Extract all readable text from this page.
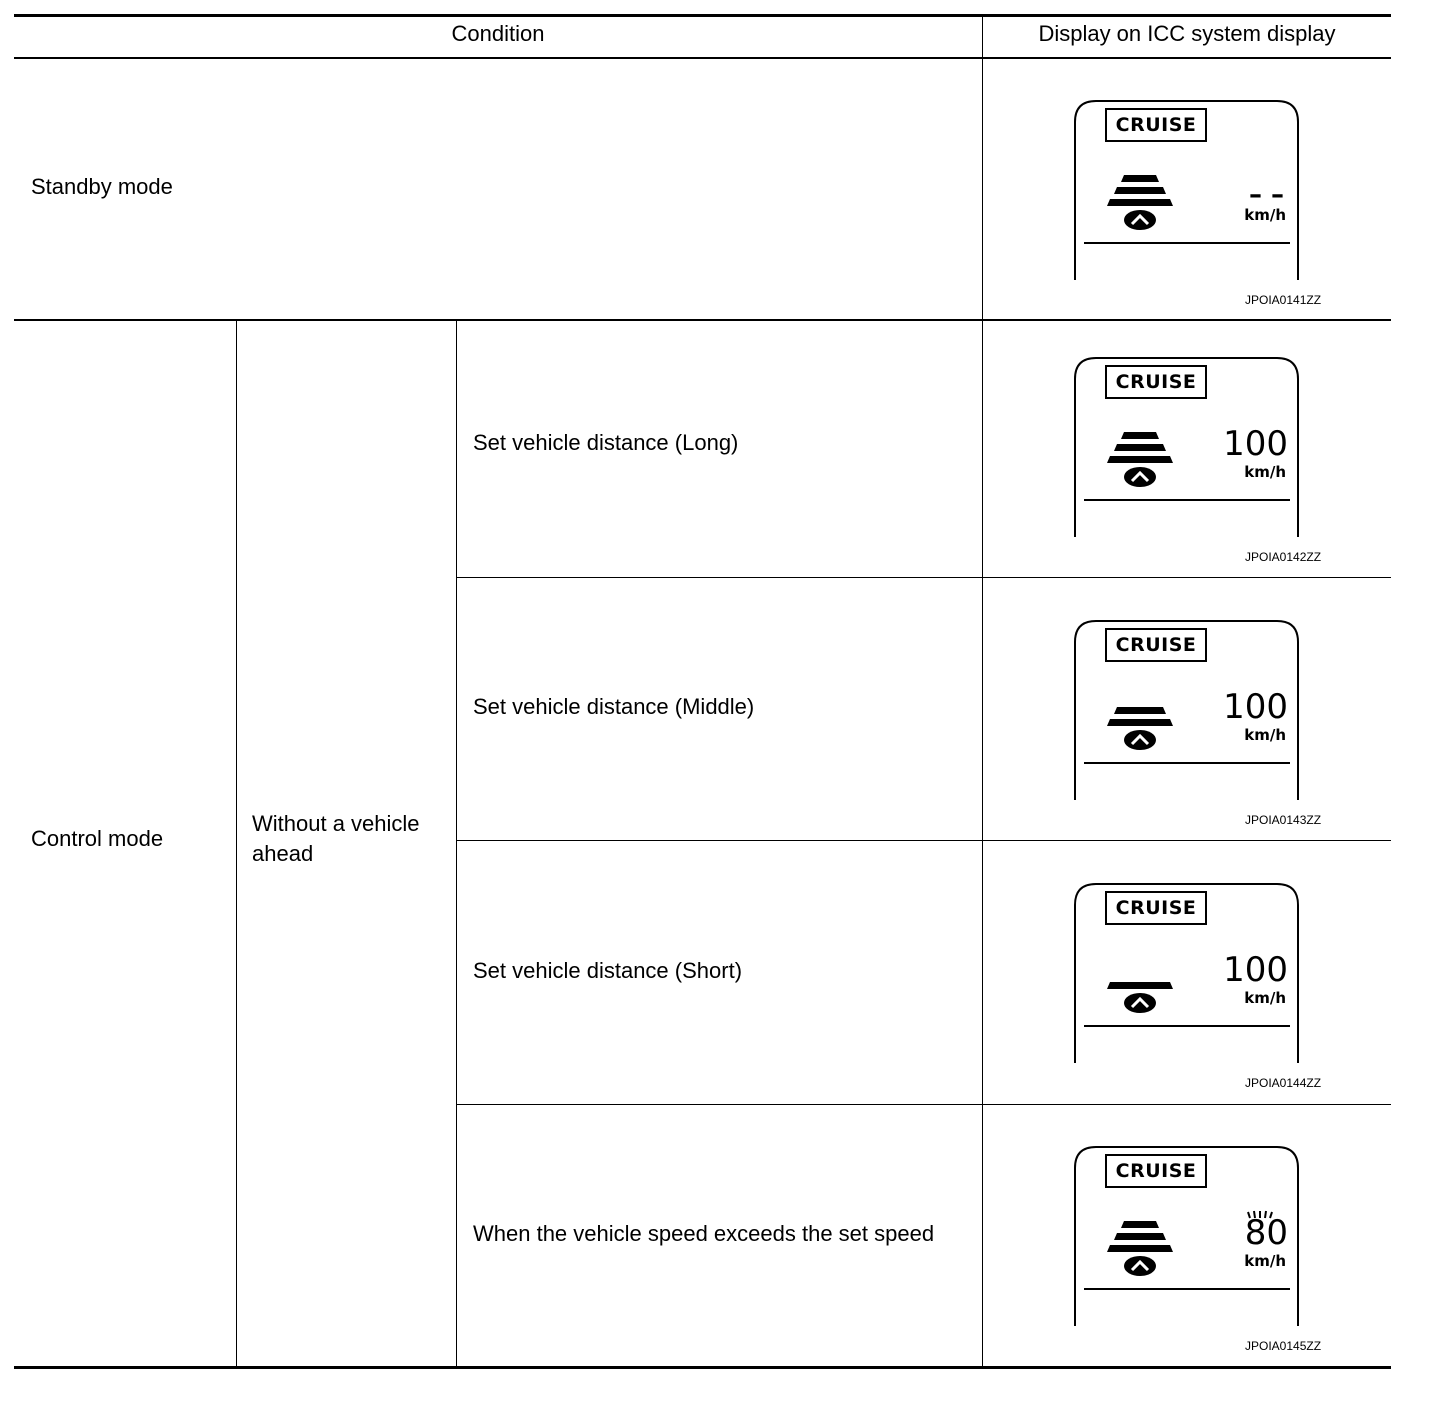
Condition	Display on ICC system display
Standby mode
Control mode
Without a vehicle ahead
Set vehicle distance (Long)
Set vehicle distance (Middle)
Set vehicle distance (Short)
When the vehicle speed exceeds the set speed
CRUISE
– –
km/h
JPOIA0141ZZ
CRUISE
100
km/h
JPOIA0142ZZ
CRUISE
100
km/h
JPOIA0143ZZ
CRUISE
100
km/h
JPOIA0144ZZ
CRUISE
80
km/h
JPOIA0145ZZ
